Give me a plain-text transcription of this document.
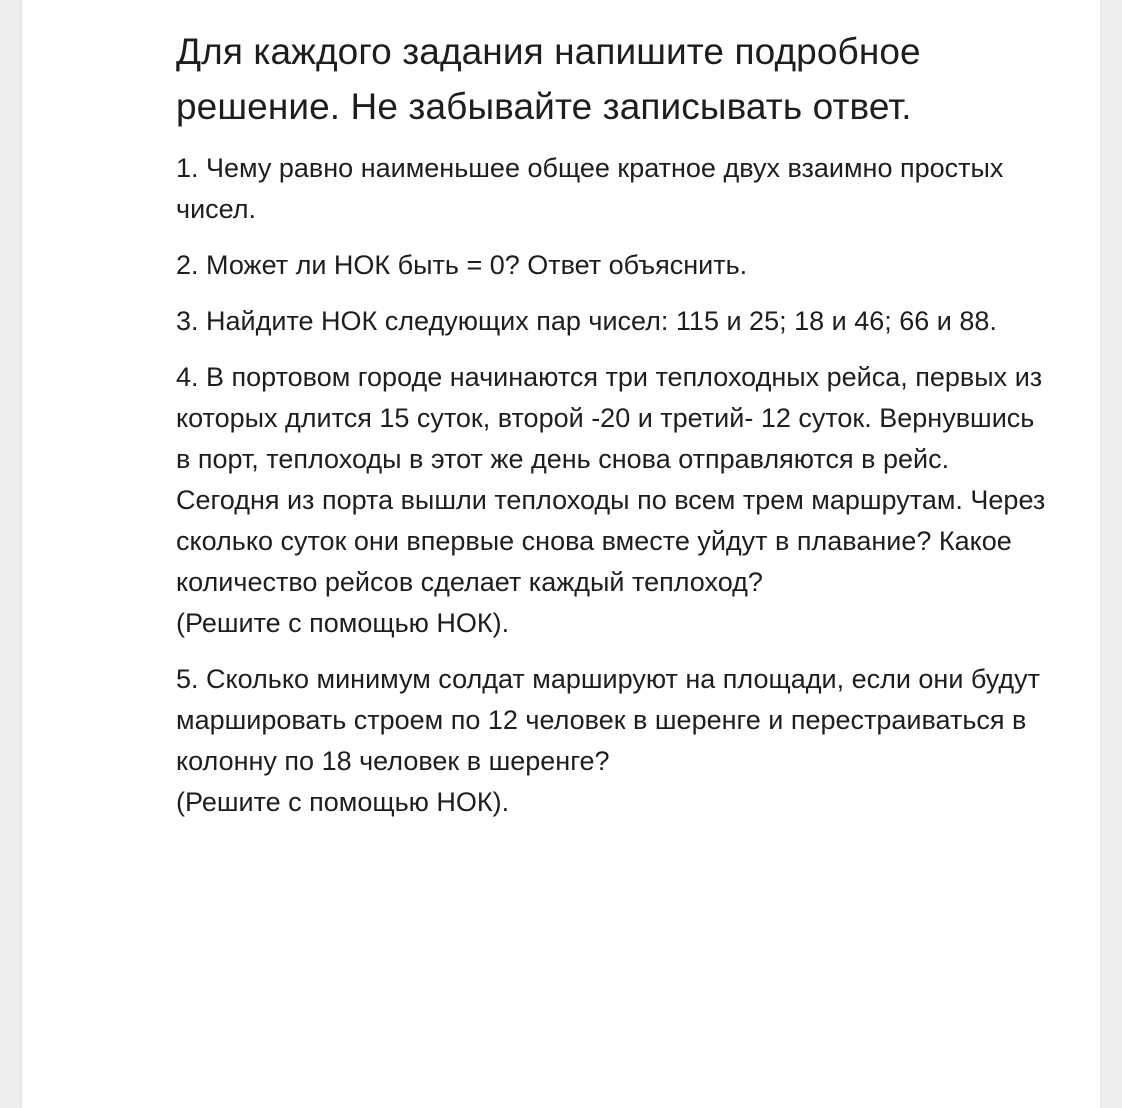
Для каждого задания напишите подробное решение. Не забывайте записывать ответ.

1. Чему равно наименьшее общее кратное двух взаимно простых чисел.

2. Может ли НОК быть = 0? Ответ объяснить.

3. Найдите НОК следующих пар чисел: 115 и 25; 18 и 46; 66 и 88.

4. В портовом городе начинаются три теплоходных рейса, первых из которых длится 15 суток, второй -20 и третий- 12 суток. Вернувшись в порт, теплоходы в этот же день снова отправляются в рейс. Сегодня из порта вышли теплоходы по всем трем маршрутам. Через сколько суток они впервые снова вместе уйдут в плавание? Какое количество рейсов сделает каждый теплоход?
(Решите с помощью НОК).

5. Сколько минимум солдат маршируют на площади, если они будут маршировать строем по 12 человек в шеренге и перестраиваться в колонну по 18 человек в шеренге?
(Решите с помощью НОК).
